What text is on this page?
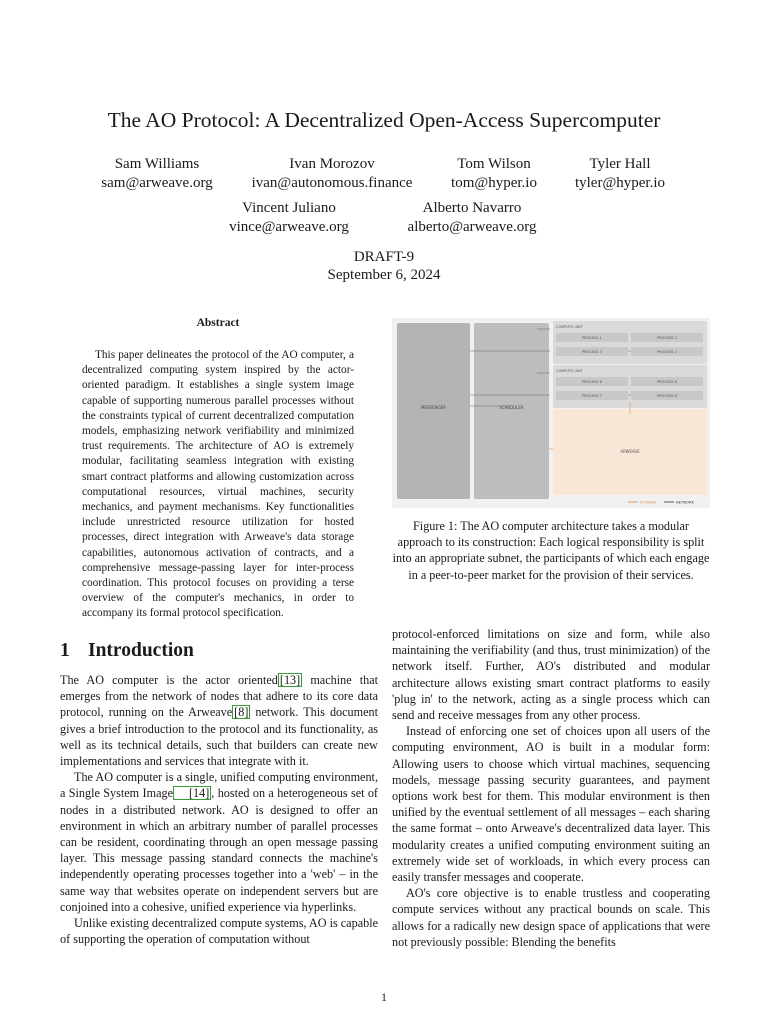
The AO Protocol: A Decentralized Open-Access Supercomputer
Sam Williams
sam@arweave.org
Ivan Morozov
ivan@autonomous.finance
Tom Wilson
tom@hyper.io
Tyler Hall
tyler@hyper.io
Vincent Juliano
vince@arweave.org
Alberto Navarro
alberto@arweave.org
DRAFT-9
September 6, 2024
Abstract
This paper delineates the protocol of the AO computer, a decentralized computing system inspired by the actor-oriented paradigm. It establishes a single system image capable of supporting numerous parallel processes without the constraints typical of current decentralized computation models, emphasizing network verifiability and minimized trust requirements. The architecture of AO is extremely modular, facilitating seamless integration with existing smart contract platforms and allowing customization across computational resources, virtual machines, security mechanics, and payment mechanisms. Key functionalities include unrestricted resource utilization for hosted processes, direct integration with Arweave's data storage capabilities, autonomous activation of contracts, and a comprehensive message-passing layer for inter-process coordination. This protocol focuses on providing a terse overview of the computer's mechanics, in order to accompany its formal protocol specification.
MESSENGER	SCHEDULER
COMPUTE UNIT
PROCESS 1	PROCESS 2
PROCESS 3	PROCESS 4
COMPUTE UNIT
PROCESS 6	PROCESS 6
PROCESS 7	PROCESS 8
ARWEAVE
STORAGE	NETWORK
Figure 1: The AO computer architecture takes a modular approach to its construction: Each logical responsibility is split into an appropriate subnet, the participants of which each engage in a peer-to-peer market for the provision of their services.
1 Introduction

The AO computer is the actor oriented [13] machine that emerges from the network of nodes that adhere to its core data protocol, running on the Arweave [8] network. This document gives a brief introduction to the protocol and its functionality, as well as its technical details, such that builders can create new implementations and services that integrate with it.

The AO computer is a single, unified computing environment, a Single System Image [14] , hosted on a heterogeneous set of nodes in a distributed network. AO is designed to offer an environment in which an arbitrary number of parallel processes can be resident, coordinating through an open message passing layer. This message passing standard connects the machine's independently operating processes together into a 'web' – in the same way that websites operate on independent servers but are conjoined into a cohesive, unified experience via hyperlinks.

Unlike existing decentralized compute systems, AO is capable of supporting the operation of computation without

protocol-enforced limitations on size and form, while also maintaining the verifiability (and thus, trust minimization) of the network itself. Further, AO's distributed and modular architecture allows existing smart contract platforms to easily 'plug in' to the network, acting as a single process which can send and receive messages from any other process.

Instead of enforcing one set of choices upon all users of the computing environment, AO is built in a modular form: Allowing users to choose which virtual machines, sequencing models, message passing security guarantees, and payment options work best for them. This modular environment is then unified by the eventual settlement of all messages – each sharing the same format – onto Arweave's decentralized data layer. This modularity creates a unified computing environment suiting an extremely wide set of workloads, in which every process can easily transfer messages and cooperate.

AO's core objective is to enable trustless and cooperating compute services without any practical bounds on scale. This allows for a radically new design space of applications that were not previously possible: Blending the benefits

1
